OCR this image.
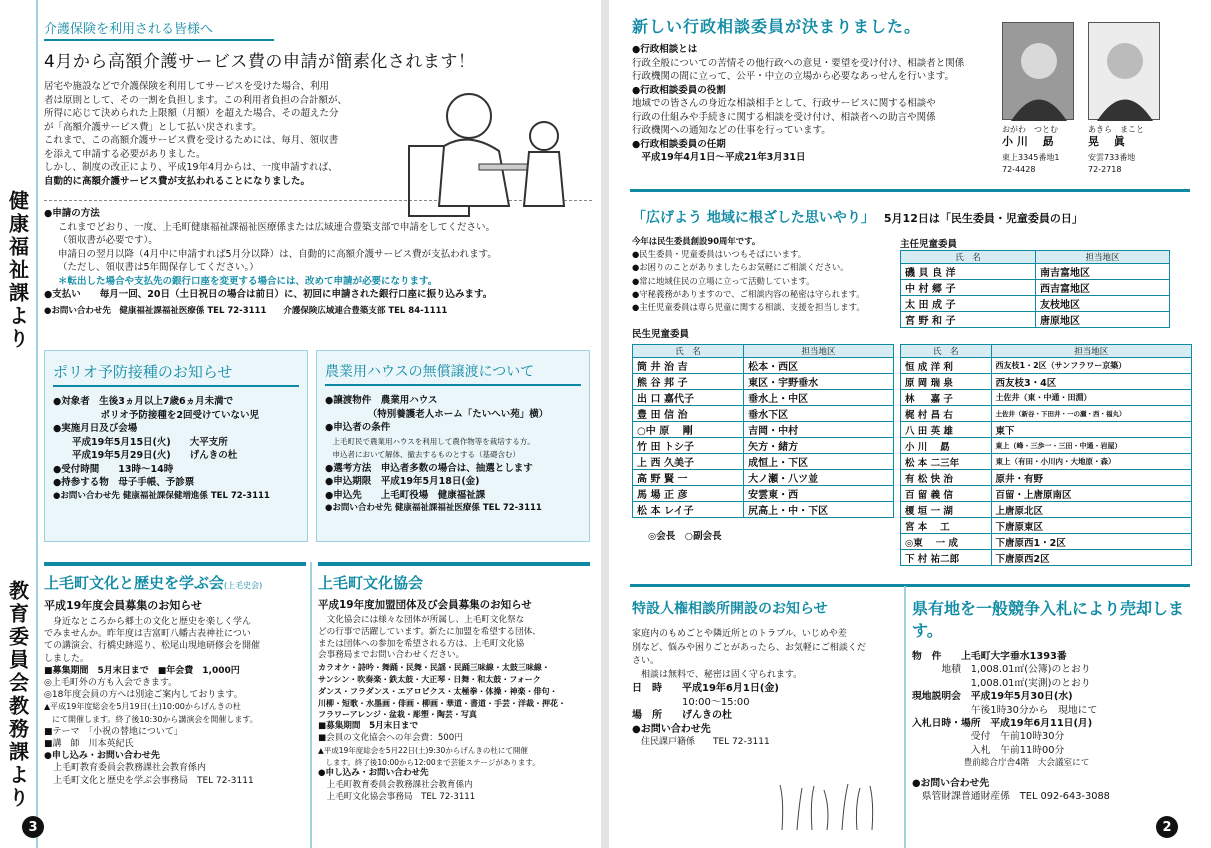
健康福祉課より
教育委員会教務課より
介護保険を利用される皆様へ
4月から高額介護サービス費の申請が簡素化されます！
居宅や施設などで介護保険を利用してサービスを受けた場合、利用
者は原則として、その一割を負担します。この利用者負担の合計額が、
所得に応じて決められた上限額（月額）を超えた場合、その超えた分
が「高額介護サービス費」として払い戻されます。
これまで、この高額介護サービス費を受けるためには、毎月、領収書
を添えて申請する必要がありました。
しかし、制度の改正により、平成19年4月からは、一度申請すれば、
自動的に高額介護サービス費が支払われることになりました。
●申請の方法
これまでどおり、一度、上毛町健康福祉課福祉医療係または広域連合豊築支部で申請をしてください。
（領収書が必要です）。
申請日の翌月以降（4月中に申請すれば5月分以降）は、自動的に高額介護サービス費が支払われます。
（ただし、領収書は5年間保存してください。）
＊転出した場合や支払先の銀行口座を変更する場合には、改めて申請が必要になります。
●支払い　　毎月一回、20日（土日祝日の場合は前日）に、初回に申請された銀行口座に振り込みます。
●お問い合わせ先　健康福祉課福祉医療係 TEL 72-3111　　介護保険広域連合豊築支部 TEL 84-1111
ポリオ予防接種のお知らせ
●対象者　生後3ヵ月以上7歳6ヵ月未満で
　　　　　ポリオ予防接種を2回受けていない児
●実施月日及び会場
　　平成19年5月15日(火)　　大平支所
　　平成19年5月29日(火)　　げんきの杜
●受付時間　　13時〜14時
●持参する物　母子手帳、予診票
●お問い合わせ先 健康福祉課保健増進係 TEL 72-3111
農業用ハウスの無償譲渡について
●譲渡物件　農業用ハウス
　　　　　（特別養護老人ホーム「たいへい苑」横）
●申込者の条件
　上毛町民で農業用ハウスを利用して農作物等を栽培する方。
　申込者において解体、撤去するものとする（基礎含む）
●選考方法　申込者多数の場合は、抽選とします
●申込期限　平成19年5月18日(金)
●申込先　　上毛町役場　健康福祉課
●お問い合わせ先 健康福祉課福祉医療係 TEL 72-3111
上毛町文化と歴史を学ぶ会(上毛史会)
平成19年度会員募集のお知らせ
　身近なところから郷土の文化と歴史を楽しく学ん
でみませんか。昨年度は吉富町八幡古表神社につい
ての講演会、行橋史跡巡り、松尾山現地研修会を開催
しました。
■募集期間　5月末日まで　■年会費　1,000円
◎上毛町外の方も入会できます。
◎18年度会員の方へは別途ご案内しております。
▲平成19年度総会を5月19日(土)10:00からげんきの杜
　にて開催します。終了後10:30から講演会を開催します。
■テーマ　「小祝の替地について」
■講　師　川本英紀氏
●申し込み・お問い合わせ先
　上毛町教育委員会教務課社会教育係内
　上毛町文化と歴史を学ぶ会事務局　TEL 72-3111
上毛町文化協会
平成19年度加盟団体及び会員募集のお知らせ
　文化協会には様々な団体が所属し、上毛町文化祭な
どの行事で活躍しています。新たに加盟を希望する団体、
または団体への参加を希望される方は、上毛町文化協
会事務局までお問い合わせください。
カラオケ・詩吟・舞踊・民舞・民謡・民踊三味線・太鼓三味線・
サンシン・吹奏楽・鉄太鼓・大正琴・日舞・和太鼓・フォーク
ダンス・フラダンス・エアロビクス・太極拳・体操・神楽・俳句・
川柳・短歌・水墨画・俳画・柳画・華道・書道・手芸・洋裁・押花・
フラワーアレンジ・盆栽・彫塑・陶芸・写真
■募集期間　5月末日まで
■会員の文化協会への年会費：500円
▲平成19年度総会を5月22日(土)9:30からげんきの杜にて開催
　します。終了後10:00から12:00まで芸能ステージがあります。
●申し込み・お問い合わせ先
　上毛町教育委員会教務課社会教育係内
　上毛町文化協会事務局　TEL 72-3111
3
新しい行政相談委員が決まりました。
●行政相談とは
行政全般についての苦情その他行政への意見・要望を受け付け、相談者と関係
行政機関の間に立って、公平・中立の立場から必要なあっせんを行います。
●行政相談委員の役割
地域での皆さんの身近な相談相手として、行政サービスに関する相談や
行政の仕組みや手続きに関する相談を受け付け、相談者への助言や関係
行政機関への通知などの仕事を行っています。
●行政相談委員の任期
　平成19年4月1日〜平成21年3月31日
おがわ　つとむ
小 川　 勗
東上3345番地1
72-4428
あきら　まこと
晃　 眞
安雲733番地
72-2718
「広げよう 地域に根ざした思いやり」　 5月12日は「民生委員・児童委員の日」
今年は民生委員創設90周年です。
●民生委員・児童委員はいつもそばにいます。
●お困りのことがありましたらお気軽にご相談ください。
●常に地域住民の立場に立って活動しています。
●守秘義務がありますので、ご相談内容の秘密は守られます。
●主任児童委員は専ら児童に関する相談、支援を担当します。
主任児童委員
氏　名	担当地区
磯 貝 良 洋	南吉富地区
中 村 郷 子	西吉富地区
太 田 成 子	友枝地区
宮 野 和 子	唐原地区
民生児童委員
氏　名	担当地区
筒 井 治 吉	松本・西区
熊 谷 邦 子	東区・宇野垂水
出 口 嘉代子	垂水上・中区
豊 田 信 治	垂水下区
○中 原 　剛	吉岡・中村
竹 田 トシ子	矢方・緒方
上 西 久美子	成恒上・下区
高 野 賢 一	大ノ瀬・八ツ並
馬 場 正 彦	安雲東・西
松 本 レイ子	尻高上・中・下区
◎会長　○副会長
氏　名	担当地区
恒 成 洋 利	西友枝1・2区（サンフラワー京築）
原 岡 瑞 泉	西友枝3・4区
林 　 嘉 子	土佐井（東・中通・田淵）
梶 村 昌 右	土佐井（新谷・下田井・一の瀬・西・福丸）
八 田 英 雄	東下
小 川 　勗	東上（峰・三歩一・三田・中通・岩屋）
松 本 二三年	東上（有田・小川内・大地原・森）
有 松 快 治	原井・有野
百 留 義 信	百留・上唐原南区
榎 垣 一 湖	上唐原北区
宮 本 　工	下唐原東区
◎東 　一 成	下唐原西1・2区
下 村 祐二郎	下唐原西2区
特設人権相談所開設のお知らせ
家庭内のもめごとや隣近所とのトラブル、いじめや差
別など、悩みや困りごとがあったら、お気軽にご相談くだ
さい。
　相談は無料で、秘密は固く守られます。
日　時　　平成19年6月1日(金)
　　　　　10:00〜15:00
場　所　　げんきの杜
●お問い合わせ先
　住民課戸籍係　　TEL 72-3111
県有地を一般競争入札により売却します。
物　件　　上毛町大字垂水1393番
　　　地積　1,008.01㎡(公簿)のとおり
　　　　　　1,008.01㎡(実測)のとおり
現地説明会　平成19年5月30日(水)
　　　　　　午後1時30分から　現地にて
入札日時・場所　平成19年6月11日(月)
　　　　　　受付　午前10時30分
　　　　　　入札　午前11時00分
　　　　　　豊前総合庁舎4階　大会議室にて
●お問い合わせ先
　県管財課普通財産係　TEL 092-643-3088
2
